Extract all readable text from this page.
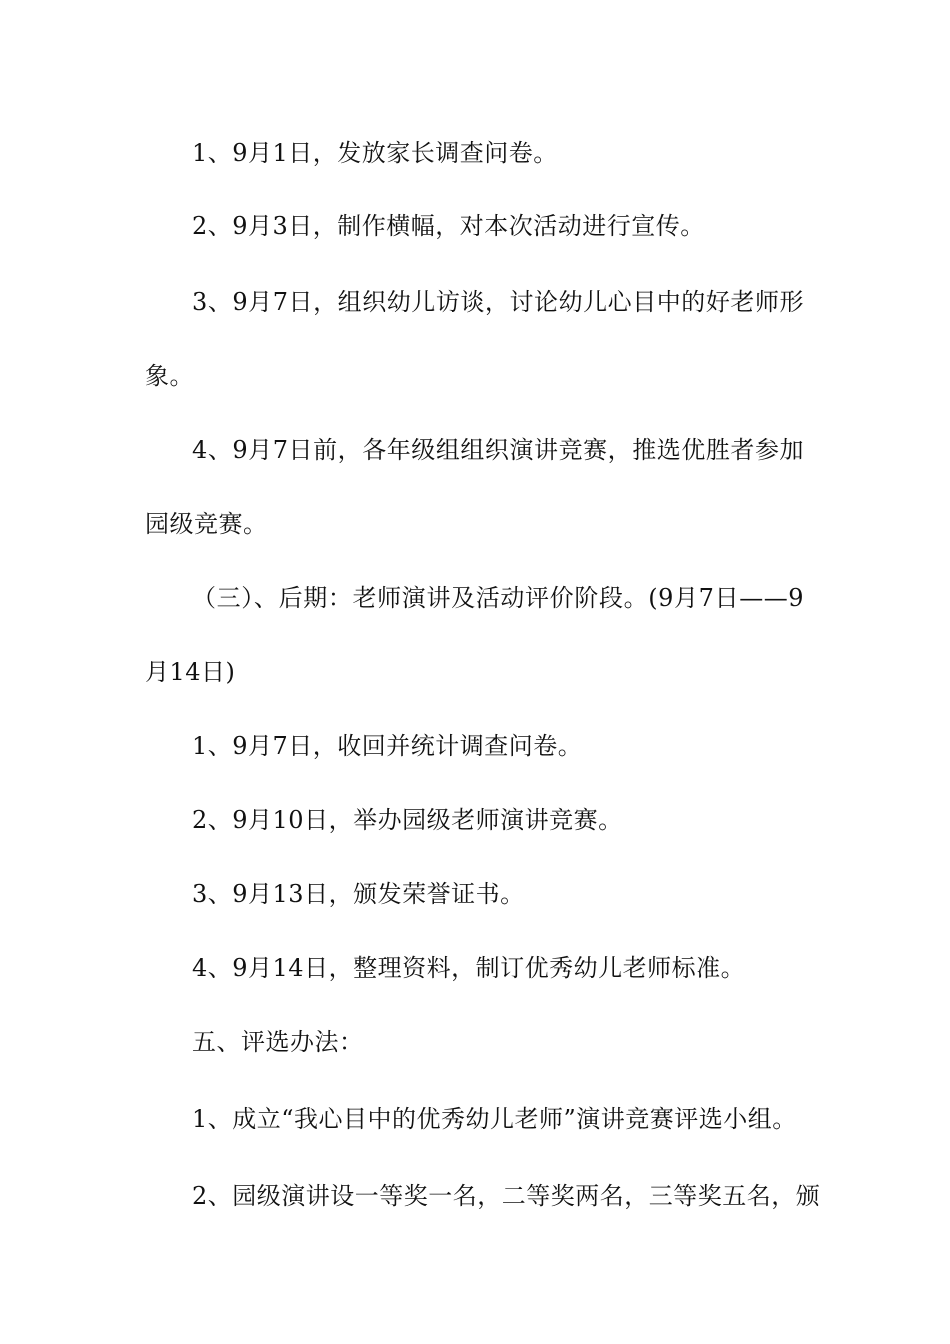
1、9月1日，发放家长调查问卷。
2、9月3日，制作横幅，对本次活动进行宣传。
3、9月7日，组织幼儿访谈，讨论幼儿心目中的好老师形
象。
4、9月7日前，各年级组组织演讲竞赛，推选优胜者参加
园级竞赛。
（三）、后期：老师演讲及活动评价阶段。(9月7日——9
月14日)
1、9月7日，收回并统计调查问卷。
2、9月10日，举办园级老师演讲竞赛。
3、9月13日，颁发荣誉证书。
4、9月14日，整理资料，制订优秀幼儿老师标准。
五、评选办法：
1、成立“我心目中的优秀幼儿老师”演讲竞赛评选小组。
2、园级演讲设一等奖一名，二等奖两名，三等奖五名，颁
